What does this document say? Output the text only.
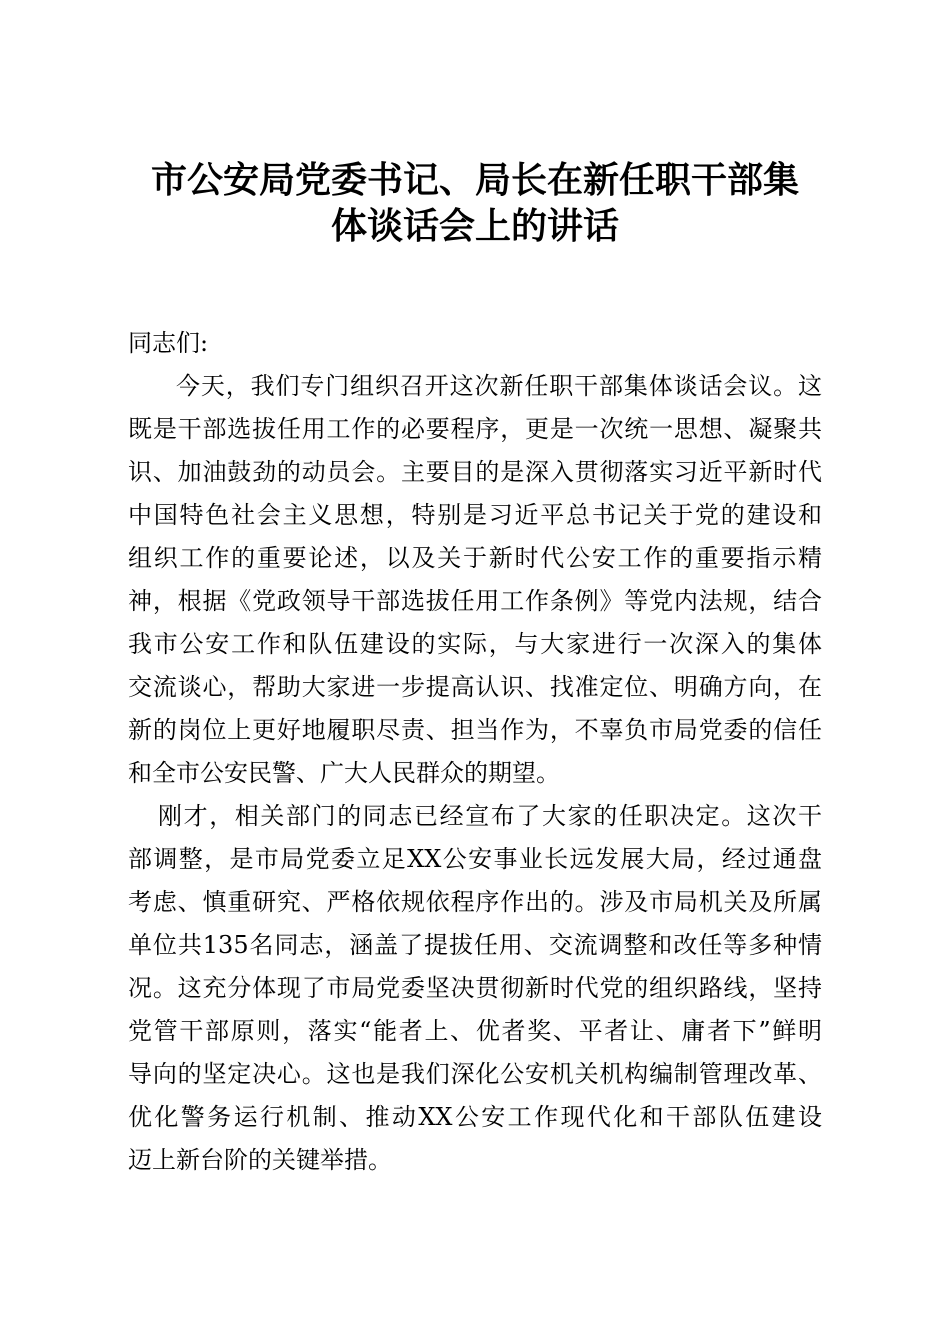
市公安局党委书记、局长在新任职干部集
体谈话会上的讲话
同志们:
今天，我们专门组织召开这次新任职干部集体谈话会议。这
既是干部选拔任用工作的必要程序，更是一次统一思想、凝聚共
识、加油鼓劲的动员会。主要目的是深入贯彻落实习近平新时代
中国特色社会主义思想，特别是习近平总书记关于党的建设和
组织工作的重要论述，以及关于新时代公安工作的重要指示精
神，根据《党政领导干部选拔任用工作条例》等党内法规，结合
我市公安工作和队伍建设的实际，与大家进行一次深入的集体
交流谈心，帮助大家进一步提高认识、找准定位、明确方向，在
新的岗位上更好地履职尽责、担当作为，不辜负市局党委的信任
和全市公安民警、广大人民群众的期望。
刚才，相关部门的同志已经宣布了大家的任职决定。这次干
部调整，是市局党委立足XX公安事业长远发展大局，经过通盘
考虑、慎重研究、严格依规依程序作出的。涉及市局机关及所属
单位共135名同志，涵盖了提拔任用、交流调整和改任等多种情
况。这充分体现了市局党委坚决贯彻新时代党的组织路线，坚持
党管干部原则，落实“能者上、优者奖、平者让、庸者下”鲜明
导向的坚定决心。这也是我们深化公安机关机构编制管理改革、
优化警务运行机制、推动XX公安工作现代化和干部队伍建设
迈上新台阶的关键举措。
